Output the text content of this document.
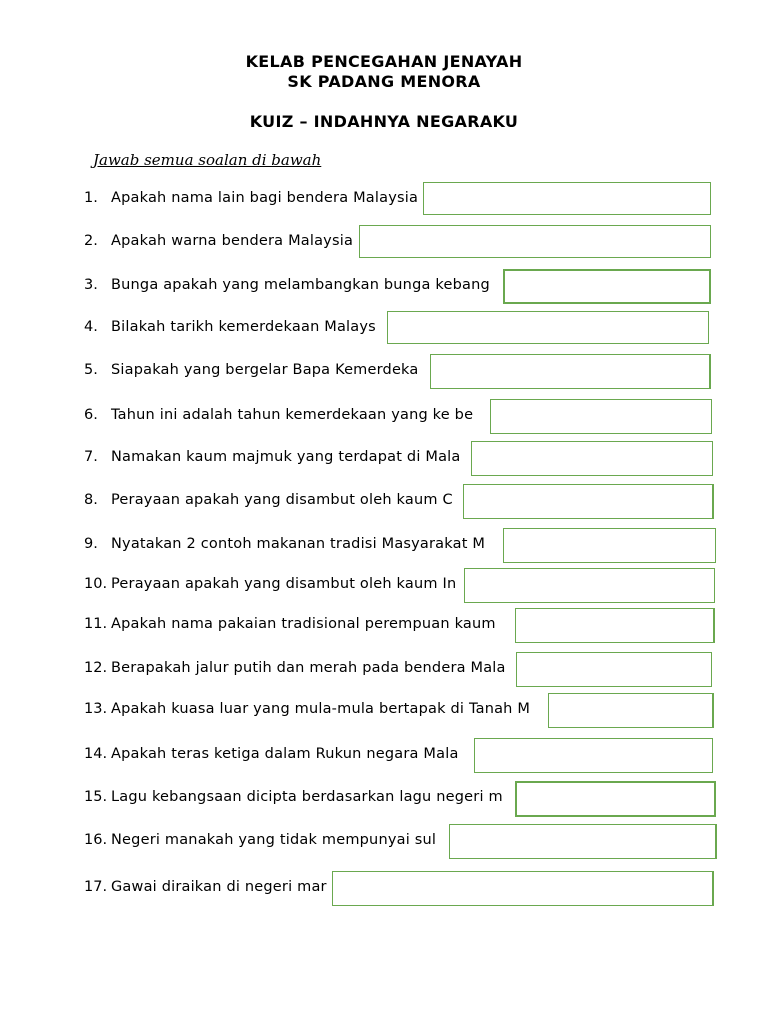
KELAB PENCEGAHAN JENAYAH
SK PADANG MENORA
KUIZ – INDAHNYA NEGARAKU
Jawab semua soalan di bawah
1. Apakah nama lain bagi bendera Malaysia
2. Apakah warna bendera Malaysia
3. Bunga apakah yang melambangkan bunga kebang
4. Bilakah tarikh kemerdekaan Malays
5. Siapakah yang bergelar Bapa Kemerdeka
6. Tahun ini adalah tahun kemerdekaan yang ke be
7. Namakan kaum majmuk yang terdapat di Mala
8. Perayaan apakah yang disambut oleh kaum C
9. Nyatakan 2 contoh makanan tradisi Masyarakat M
10. Perayaan apakah yang disambut oleh kaum In
11. Apakah nama pakaian tradisional perempuan kaum
12. Berapakah jalur putih dan merah pada bendera Mala
13. Apakah kuasa luar yang mula-mula bertapak di Tanah M
14. Apakah teras ketiga dalam Rukun negara Mala
15. Lagu kebangsaan dicipta berdasarkan lagu negeri m
16. Negeri manakah yang tidak mempunyai sul
17. Gawai diraikan di negeri mar
